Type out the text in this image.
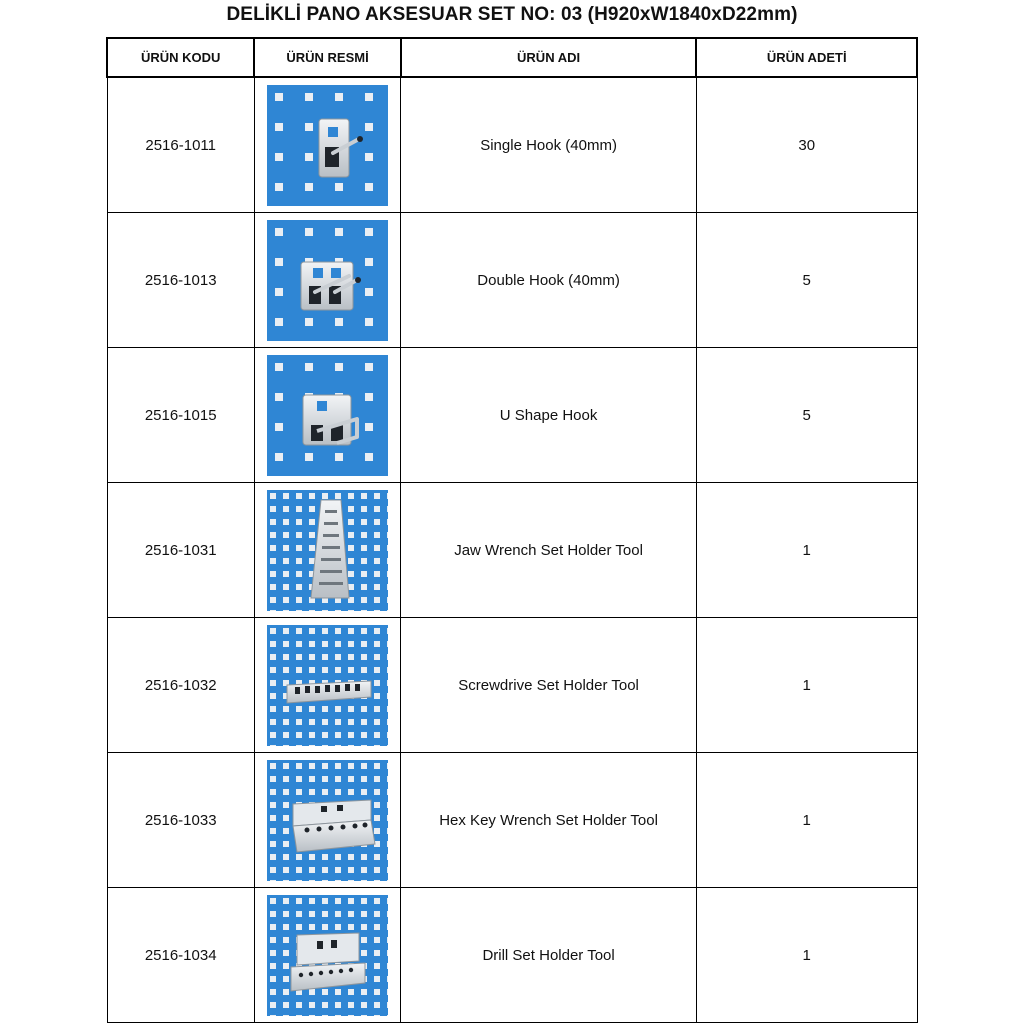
DELİKLİ PANO AKSESUAR SET NO: 03 (H920xW1840xD22mm)
ÜRÜN KODU	ÜRÜN RESMİ	ÜRÜN ADI	ÜRÜN ADETİ
2516-1011		Single Hook (40mm)	30
2516-1013		Double Hook (40mm)	5
2516-1015		U Shape Hook	5
2516-1031		Jaw Wrench Set Holder Tool	1
2516-1032		Screwdrive Set Holder Tool	1
2516-1033		Hex Key Wrench Set Holder Tool	1
2516-1034		Drill Set Holder Tool	1
